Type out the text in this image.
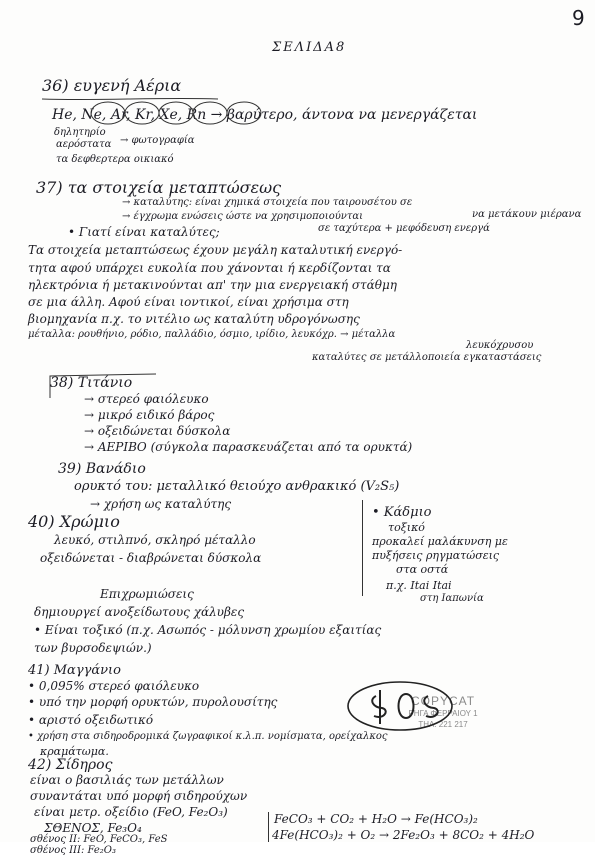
9
ΣΕΛΙΔΑ8
36) ευγενή Αέρια
He, Ne, Ar, Kr, Xe, Rn → βαρύτερο, άντονα να μενεργάζεται
δηλητηρίο
αερόστατα → φωτογραφία
τα δεφθερτερα οικιακό
37) τα στοιχεία μεταπτώσεως
→ καταλύτης: είναι χημικά στοιχεία που ταιρουσέτου σε
να μετάκουν μιέρανα
→ έγχρωμα ενώσεις ώστε να χρησιμοποιούνται
σε ταχύτερα + μεφόδευση ενεργά
• Γιατί είναι καταλύτες;
Τα στοιχεία μεταπτώσεως έχουν μεγάλη καταλυτική ενεργό-
τητα αφού υπάρχει ευκολία που χάνονται ή κερδίζονται τα
ηλεκτρόνια ή μετακινούνται απ' την μια ενεργειακή στάθμη
σε μια άλλη. Αφού είναι ιοντικοί, είναι χρήσιμα στη
βιομηχανία π.χ. το νιτέλιο ως καταλύτη υδρογόνωσης
μέταλλα: ρουθήνιο, ρόδιο, παλλάδιο, όσμιο, ιρίδιο, λευκόχρ. → μέταλλα
λευκόχρυσου
καταλύτες σε μετάλλοποιεία εγκαταστάσεις
38) Τιτάνιο
→ στερεό φαιόλευκο
→ μικρό ειδικό βάρος
→ οξειδώνεται δύσκολα
→ ΑΕΡΙΒΟ (σύγκολα παρασκευάζεται από τα ορυκτά)
39) Βανάδιο
ορυκτό του: μεταλλικό θειούχο ανθρακικό (V₂S₅)
→ χρήση ως καταλύτης
40) Χρώμιο
λευκό, στιλπνό, σκληρό μέταλλο
οξειδώνεται - διαβρώνεται δύσκολα
Επιχρωμιώσεις
δημιουργεί ανοξείδωτους χάλυβες
• Είναι τοξικό (π.χ. Ασωπός - μόλυνση χρωμίου εξαιτίας
των βυρσοδεψιών.)
• Κάδμιο
τοξικό
προκαλεί μαλάκυνση με
πυξήσεις ρηγματώσεις
στα οστά
π.χ. Itai Itai
στη Ιαπωνία
41) Μαγγάνιο
• 0,095% στερεό φαιόλευκο
• υπό την μορφή ορυκτών, πυρολουσίτης
• αριστό οξειδωτικό
• χρήση στα σιδηροδρομικά ζωγραφικοί κ.λ.π. νομίσματα, ορείχαλκος
κραμάτωμα.
COPYCAT
ΡΗΓΑ ΦΕΡΡΑΙΟΥ 1
ΤΗΛ. 221 217
42) Σίδηρος
είναι ο βασιλιάς των μετάλλων
συναντάται υπό μορφή σιδηρούχων
είναι μετρ. οξείδιο (FeO, Fe₂O₃)
ΣΘΕΝΟΣ, Fe₃O₄
σθένος II: FeO, FeCO₃, FeS
σθένος III: Fe₂O₃
FeCO₃ + CO₂ + H₂O → Fe(HCO₃)₂
4Fe(HCO₃)₂ + O₂ → 2Fe₂O₃ + 8CO₂ + 4H₂O
